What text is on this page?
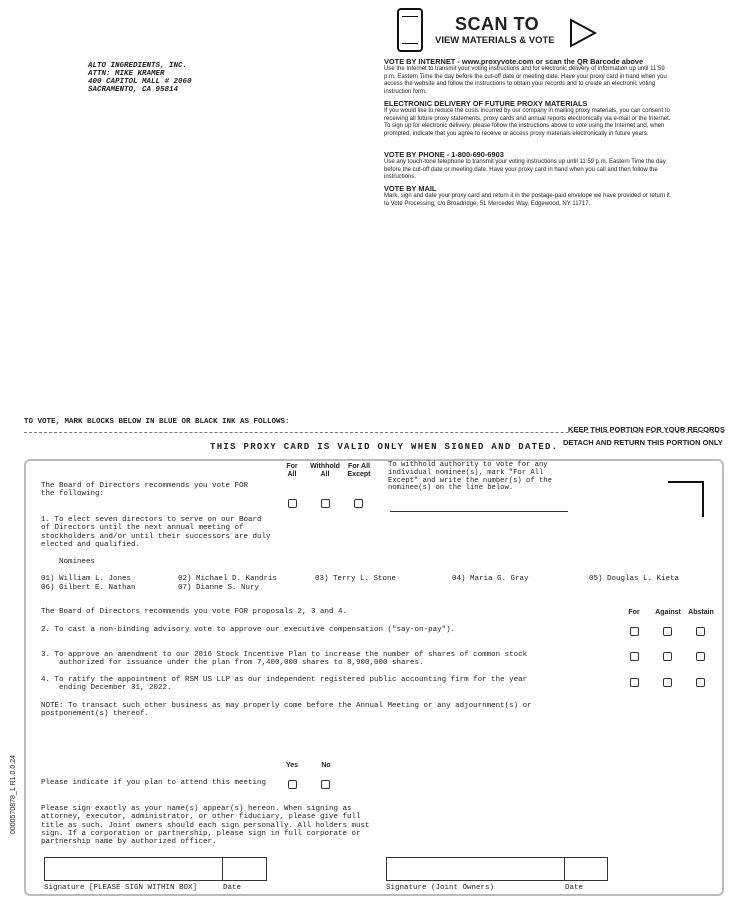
ALTO INGREDIENTS, INC.
ATTN: MIKE KRAMER
400 CAPITOL MALL # 2060
SACRAMENTO, CA 95814
SCAN TO
VIEW MATERIALS & VOTE
VOTE BY INTERNET - www.proxyvote.com or scan the QR Barcode above
Use the Internet to transmit your voting instructions and for electronic delivery of information up until 11:59 p.m. Eastern Time the day before the cut-off date or meeting date. Have your proxy card in hand when you access the website and follow the instructions to obtain your records and to create an electronic voting instruction form.
ELECTRONIC DELIVERY OF FUTURE PROXY MATERIALS
If you would like to reduce the costs incurred by our company in mailing proxy materials, you can consent to receiving all future proxy statements, proxy cards and annual reports electronically via e-mail or the Internet. To sign up for electronic delivery, please follow the instructions above to vote using the Internet and, when prompted, indicate that you agree to receive or access proxy materials electronically in future years.
VOTE BY PHONE - 1-800-690-6903
Use any touch-tone telephone to transmit your voting instructions up until 11:59 p.m. Eastern Time the day before the cut-off date or meeting date. Have your proxy card in hand when you call and then follow the instructions.
VOTE BY MAIL
Mark, sign and date your proxy card and return it in the postage-paid envelope we have provided or return it to Vote Processing, c/o Broadridge, 51 Mercedes Way, Edgewood, NY 11717.
TO VOTE, MARK BLOCKS BELOW IN BLUE OR BLACK INK AS FOLLOWS:
KEEP THIS PORTION FOR YOUR RECORDS
THIS PROXY CARD IS VALID ONLY WHEN SIGNED AND DATED. DETACH AND RETURN THIS PORTION ONLY
0000570878_1 R1.0.0.24
The Board of Directors recommends you vote FOR the following:
For All
Withhold All
For All Except
To withhold authority to vote for any individual nominee(s), mark "For All Except" and write the number(s) of the nominee(s) on the line below.
1. To elect seven directors to serve on our Board of Directors until the next annual meeting of stockholders and/or until their successors are duly elected and qualified.
Nominees
01) William L. Jones	02) Michael D. Kandris	03) Terry L. Stone	04) Maria G. Gray	05) Douglas L. Kieta
06) Gilbert E. Nathan	07) Dianne S. Nury
The Board of Directors recommends you vote FOR proposals 2, 3 and 4.	For	Against	Abstain
2. To cast a non-binding advisory vote to approve our executive compensation ("say-on-pay").
3. To approve an amendment to our 2016 Stock Incentive Plan to increase the number of shares of common stock
authorized for issuance under the plan from 7,400,000 shares to 8,900,000 shares.
4. To ratify the appointment of RSM US LLP as our independent registered public accounting firm for the year
ending December 31, 2022.
NOTE: To transact such other business as may properly come before the Annual Meeting or any adjournment(s) or
postponement(s) thereof.
Yes	No
Please indicate if you plan to attend this meeting
Please sign exactly as your name(s) appear(s) hereon. When signing as attorney, executor, administrator, or other fiduciary, please give full title as such. Joint owners should each sign personally. All holders must sign. If a corporation or partnership, please sign in full corporate or partnership name by authorized officer.
Signature [PLEASE SIGN WITHIN BOX]	Date	Signature (Joint Owners)	Date
